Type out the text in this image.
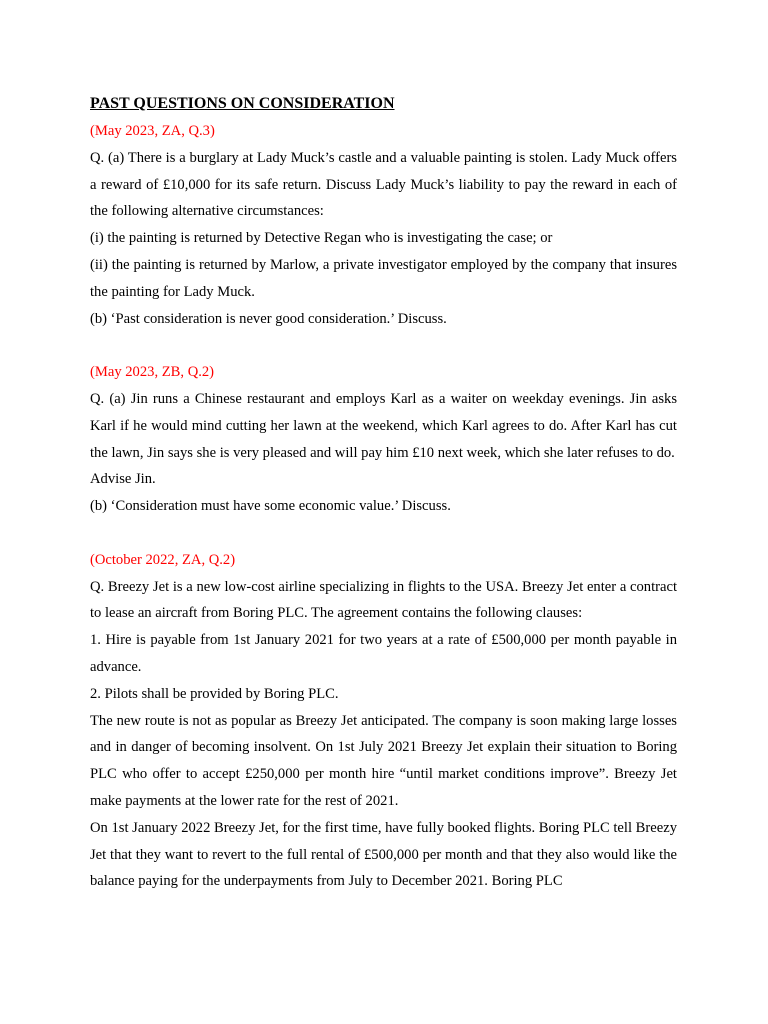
PAST QUESTIONS ON CONSIDERATION

(May 2023, ZA, Q.3)

Q. (a) There is a burglary at Lady Muck’s castle and a valuable painting is stolen. Lady Muck offers a reward of £10,000 for its safe return. Discuss Lady Muck’s liability to pay the reward in each of the following alternative circumstances:

(i) the painting is returned by Detective Regan who is investigating the case; or

(ii) the painting is returned by Marlow, a private investigator employed by the company that insures the painting for Lady Muck.

(b) ‘Past consideration is never good consideration.’ Discuss.

(May 2023, ZB, Q.2)

Q. (a) Jin runs a Chinese restaurant and employs Karl as a waiter on weekday evenings. Jin asks Karl if he would mind cutting her lawn at the weekend, which Karl agrees to do. After Karl has cut the lawn, Jin says she is very pleased and will pay him £10 next week, which she later refuses to do.

Advise Jin.

(b) ‘Consideration must have some economic value.’ Discuss.

(October 2022, ZA, Q.2)

Q. Breezy Jet is a new low-cost airline specializing in flights to the USA. Breezy Jet enter a contract to lease an aircraft from Boring PLC. The agreement contains the following clauses:

1. Hire is payable from 1st January 2021 for two years at a rate of £500,000 per month payable in advance.

2. Pilots shall be provided by Boring PLC.

The new route is not as popular as Breezy Jet anticipated. The company is soon making large losses and in danger of becoming insolvent. On 1st July 2021 Breezy Jet explain their situation to Boring PLC who offer to accept £250,000 per month hire “until market conditions improve”. Breezy Jet make payments at the lower rate for the rest of 2021.

On 1st January 2022 Breezy Jet, for the first time, have fully booked flights. Boring PLC tell Breezy Jet that they want to revert to the full rental of £500,000 per month and that they also would like the balance paying for the underpayments from July to December 2021. Boring PLC
